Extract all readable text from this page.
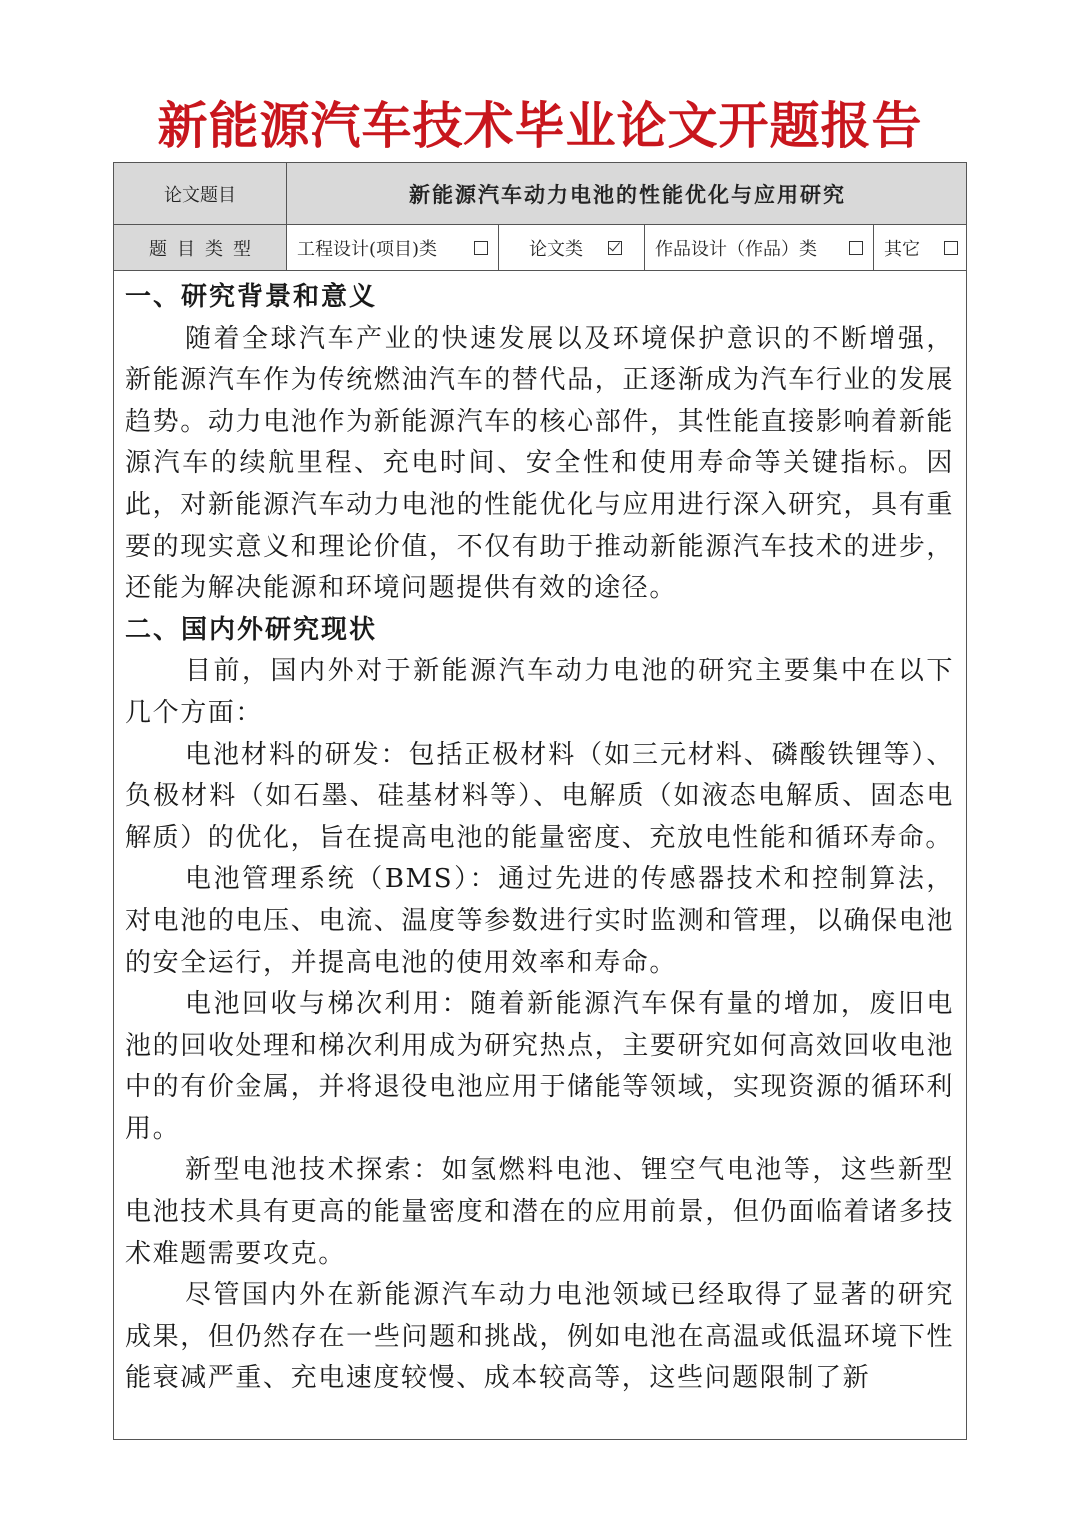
新能源汽车技术毕业论文开题报告
论文题目	新能源汽车动力电池的性能优化与应用研究
题目类型	工程设计(项目)类	论文类	作品设计（作品）类	其它

一、研究背景和意义

随着全球汽车产业的快速发展以及环境保护意识的不断增强，新能源汽车作为传统燃油汽车的替代品，正逐渐成为汽车行业的发展趋势。动力电池作为新能源汽车的核心部件，其性能直接影响着新能源汽车的续航里程、充电时间、安全性和使用寿命等关键指标。因此，对新能源汽车动力电池的性能优化与应用进行深入研究，具有重要的现实意义和理论价值，不仅有助于推动新能源汽车技术的进步，还能为解决能源和环境问题提供有效的途径。

二、国内外研究现状

目前，国内外对于新能源汽车动力电池的研究主要集中在以下几个方面：

电池材料的研发：包括正极材料（如三元材料、磷酸铁锂等）、负极材料（如石墨、硅基材料等）、电解质（如液态电解质、固态电解质）的优化，旨在提高电池的能量密度、充放电性能和循环寿命。

电池管理系统（BMS）：通过先进的传感器技术和控制算法，对电池的电压、电流、温度等参数进行实时监测和管理，以确保电池的安全运行，并提高电池的使用效率和寿命。

电池回收与梯次利用：随着新能源汽车保有量的增加，废旧电池的回收处理和梯次利用成为研究热点，主要研究如何高效回收电池中的有价金属，并将退役电池应用于储能等领域，实现资源的循环利用。

新型电池技术探索：如氢燃料电池、锂空气电池等，这些新型电池技术具有更高的能量密度和潜在的应用前景，但仍面临着诸多技术难题需要攻克。

尽管国内外在新能源汽车动力电池领域已经取得了显著的研究成果，但仍然存在一些问题和挑战，例如电池在高温或低温环境下性能衰减严重、充电速度较慢、成本较高等，这些问题限制了新
